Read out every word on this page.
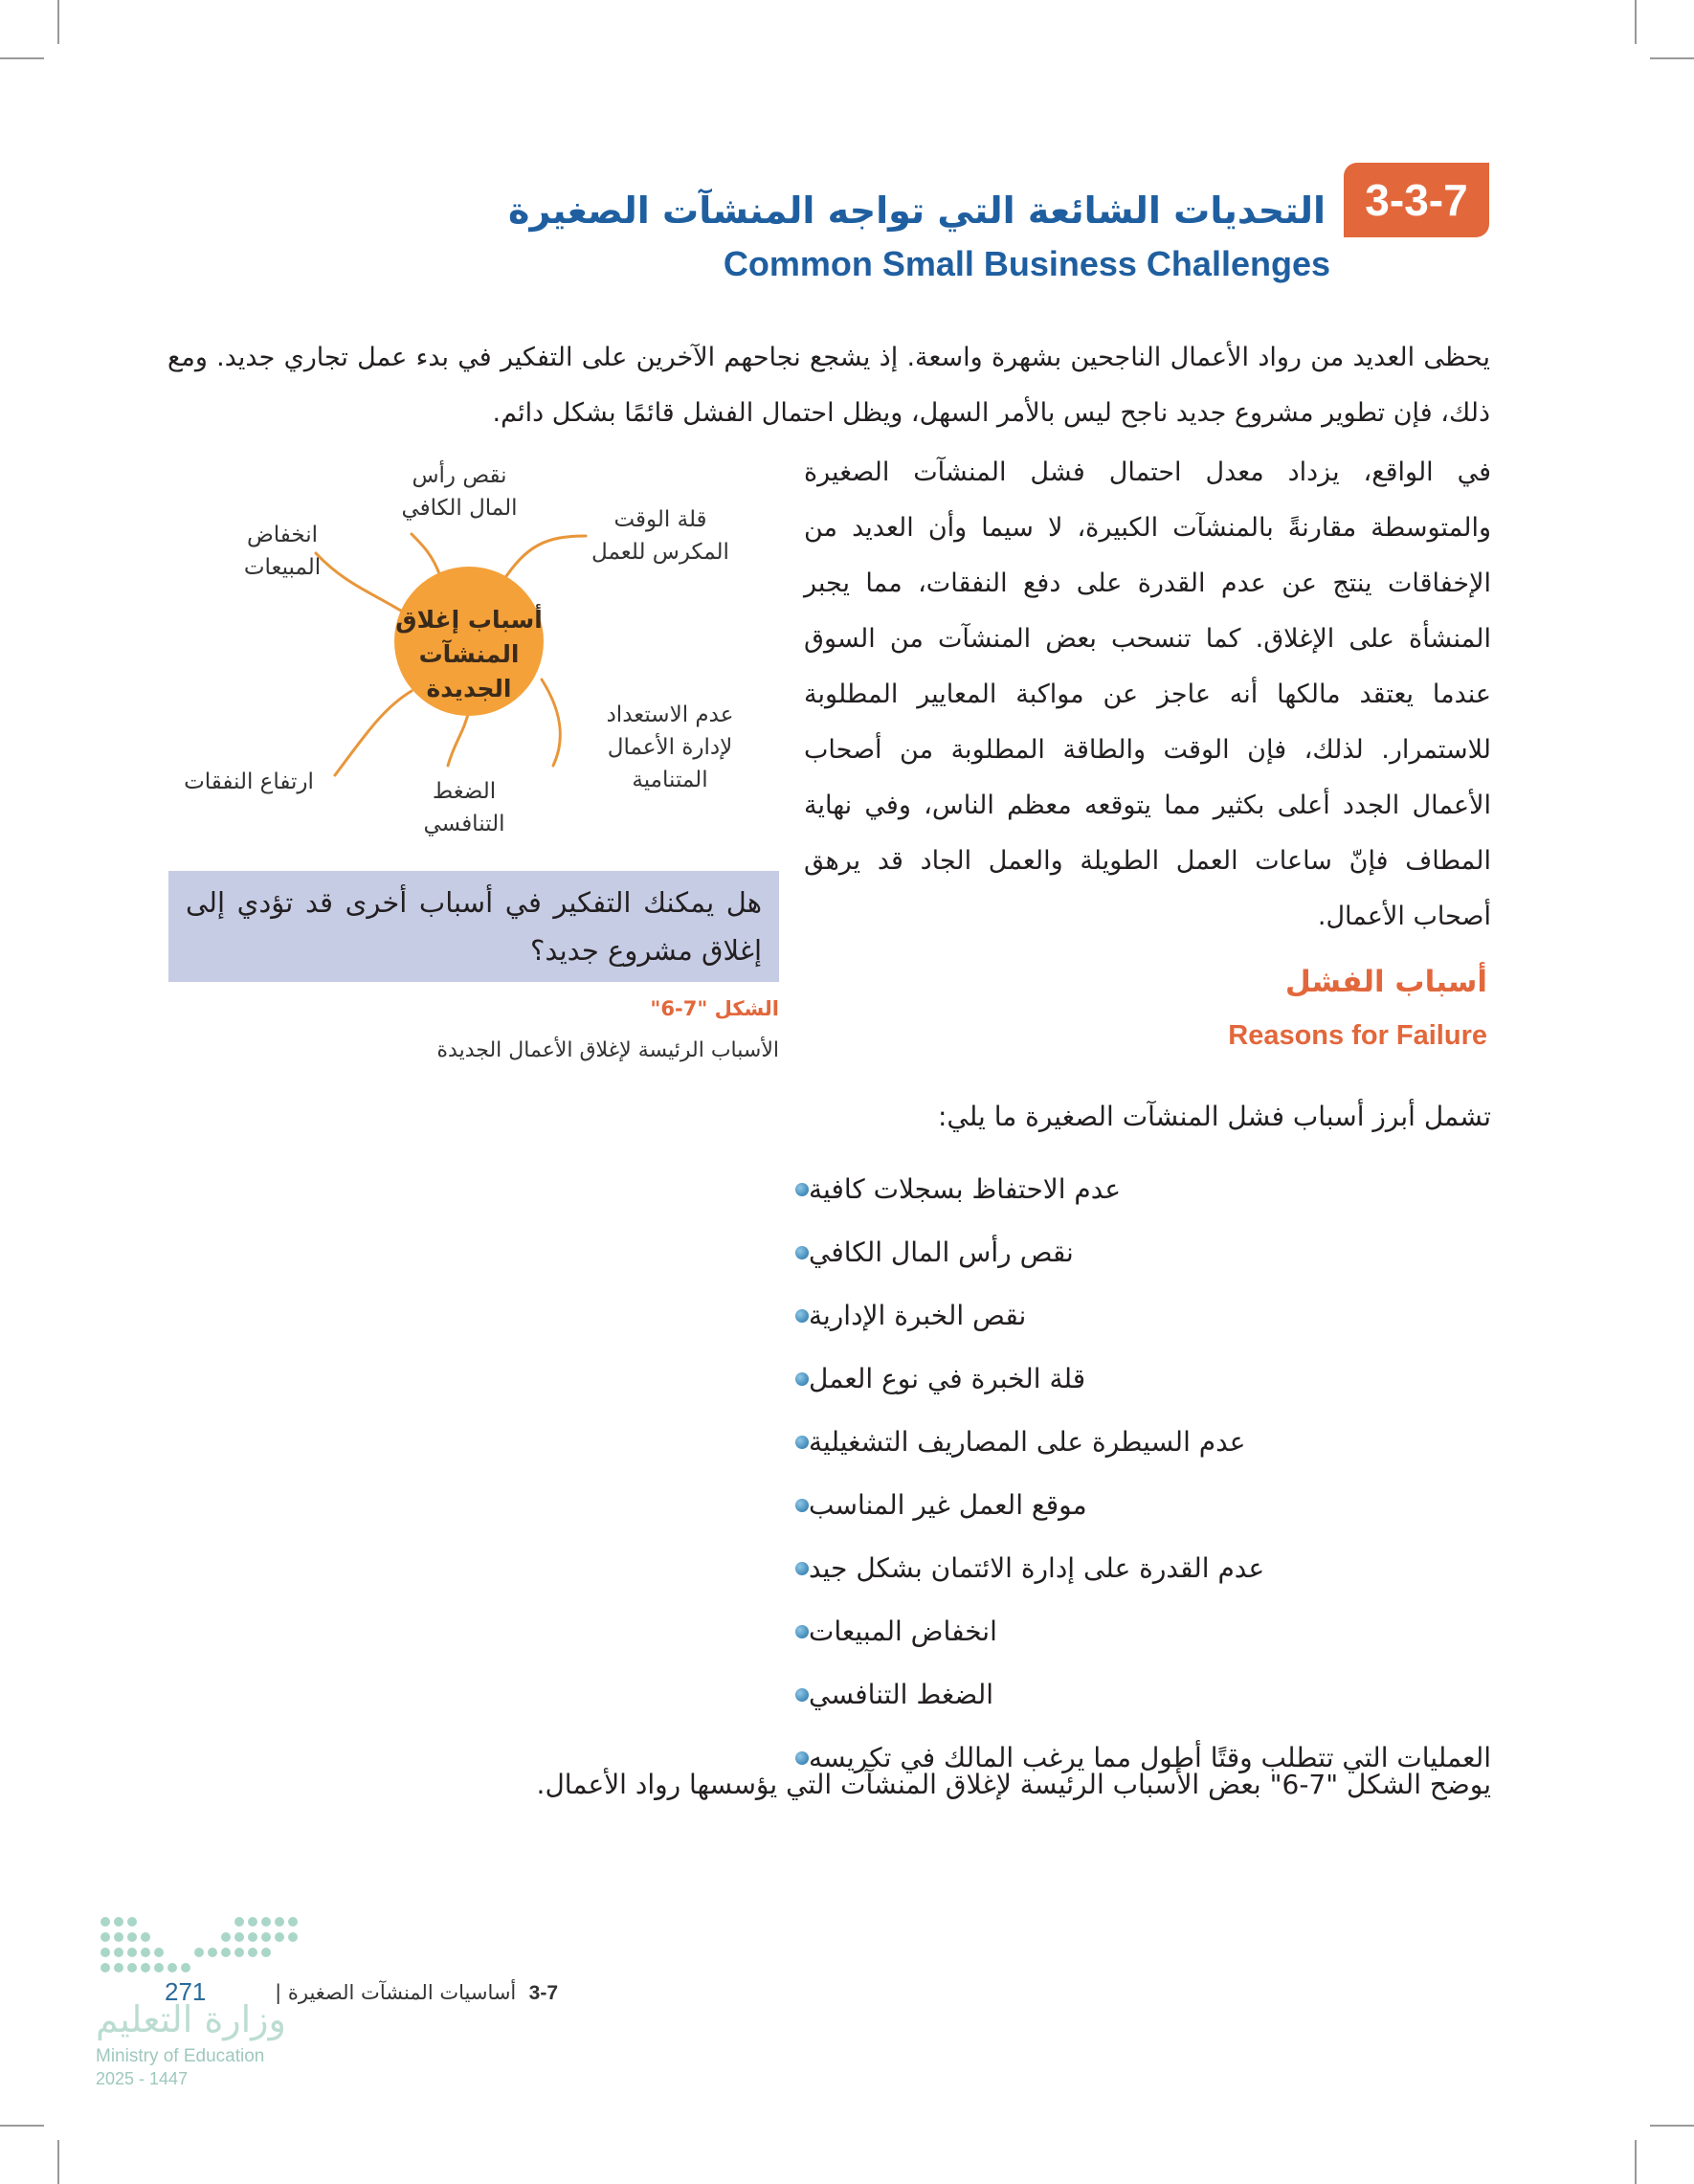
3-3-7
التحديات الشائعة التي تواجه المنشآت الصغيرة
Common Small Business Challenges
يحظى العديد من رواد الأعمال الناجحين بشهرة واسعة. إذ يشجع نجاحهم الآخرين على التفكير في بدء عمل تجاري جديد. ومع ذلك، فإن تطوير مشروع جديد ناجح ليس بالأمر السهل، ويظل احتمال الفشل قائمًا بشكل دائم.
في الواقع، يزداد معدل احتمال فشل المنشآت الصغيرة والمتوسطة مقارنةً بالمنشآت الكبيرة، لا سيما وأن العديد من الإخفاقات ينتج عن عدم القدرة على دفع النفقات، مما يجبر المنشأة على الإغلاق. كما تنسحب بعض المنشآت من السوق عندما يعتقد مالكها أنه عاجز عن مواكبة المعايير المطلوبة للاستمرار. لذلك، فإن الوقت والطاقة المطلوبة من أصحاب الأعمال الجدد أعلى بكثير مما يتوقعه معظم الناس، وفي نهاية المطاف فإنّ ساعات العمل الطويلة والعمل الجاد قد يرهق أصحاب الأعمال.
أسباب إغلاق المنشآت الجديدة
نقص رأس المال الكافي	قلة الوقت المكرس للعمل
انخفاض المبيعات
عدم الاستعداد لإدارة الأعمال المتنامية
ارتفاع النفقات	الضغط التنافسي
هل يمكنك التفكير في أسباب أخرى قد تؤدي إلى إغلاق مشروع جديد؟
الشكل "7-6"
الأسباب الرئيسة لإغلاق الأعمال الجديدة
أسباب الفشل
Reasons for Failure
تشمل أبرز أسباب فشل المنشآت الصغيرة ما يلي:
عدم الاحتفاظ بسجلات كافية
نقص رأس المال الكافي
نقص الخبرة الإدارية
قلة الخبرة في نوع العمل
عدم السيطرة على المصاريف التشغيلية
موقع العمل غير المناسب
عدم القدرة على إدارة الائتمان بشكل جيد
انخفاض المبيعات
الضغط التنافسي
العمليات التي تتطلب وقتًا أطول مما يرغب المالك في تكريسه
يوضح الشكل "7-6" بعض الأسباب الرئيسة لإغلاق المنشآت التي يؤسسها رواد الأعمال.
271	3-7  أساسيات المنشآت الصغيرة |
وزارة التعليم
Ministry of Education
2025 - 1447
